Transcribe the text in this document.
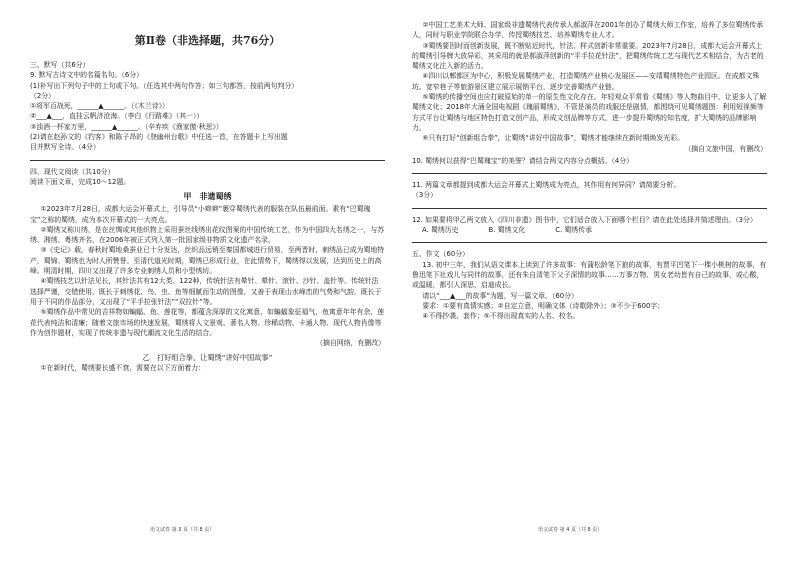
第Ⅱ卷（非选择题，共76分）
三、默写（共6分）
9. 默写古诗文中的名篇名句。（6分）
(1)补写出下列句子中的上句或下句。（任选其中两句作答；如三句都答，按前两句判分）
（2分）
①将军百战死，______▲______。（《木兰诗》）
②___▲___，直挂云帆济沧海。（李白《行路难》（其一））
③浊酒一杯家万里，______▲______。（辛弃疾《渔家傲·秋思》）
(2)请在赵孙文的《钓客》和陈子昂的《登幽州台歌》中任选一首，在答题卡上写出题
目并默写全诗。（4分）
四、现代文阅读（共10分）
阅读下面文章，完成10～12题。
甲　非遗蜀绣
①2023年7月28日，成都大运会开幕式上，引导员“小辫辫”裹穿蜀绣代表的服装在队伍最前面。素有“巴蜀瑰宝”之称的蜀绣，成为本次开幕式的一大亮点。
②蜀绣又称川绣，是在丝绸或其他织物上采用蚕丝线绣出花纹图案的中国传统工艺，作为中国四大名绣之一，与苏绣、湘绣、粤绣齐名，在2006年被正式列入第一批国家级非物质文化遗产名录。
③《史记》载，春秋时蜀地桑蚕业已十分发达，丝织品远销至秦国都城进行贸易，至两晋时，刺绣品已成为蜀地特产，蜀锦、蜀绣也为时人所赞誉。至清代道光时期，蜀绣已形成行业，在此情势下，蜀绣得以发展，达到历史上的高峰。明清时期，四川又出现了许多专业刺绣人员和小型绣坊。
④蜀绣技艺以针法见长，其针法共有12大类、122种，传统针法有晕针、晕针、滚针、沙针、盖针等。传统针法选择严谨，交错使用，既长于刺绣花、鸟、虫、鱼等细腻而生动的图像，又善于表现山水峰峦的气势和气韵，既长于用于不同的作品部分，又出现了“平手拉张针法”“双拉针”等。
⑤蜀绣作品中常见的吉祥物如蝙蝠、鱼、莲花等，都蕴含深厚的文化寓意，如蝙蝠象征福气，鱼寓意年年有余，莲花代表纯洁和清廉；随着文旅市场的快速发展，蜀绣将人文景观、著名人物、珍稀动物、卡通人物、现代人物肖像等作为创作题材，实现了传统非遗与现代潮流文化生活的结合。
（摘自网络，有删改）
乙　打好组合拳，让蜀绣“讲好中国故事”
①在新时代，蜀绣要长盛不衰，需要在以下方面着力：
②中国工艺美术大师、国家级非遗蜀绣代表传承人郝淑萍在2001年创办了蜀绣大师工作室，培养了多位蜀绣传承人，同时与职业学院联合办学，传授蜀绣技艺、培养蜀绣专业人才。
③蜀绣要因时而创新发展，既不断贴近时代，针法、样式创新非常重要。2023年7月28日，成都大运会开幕式上的蜀绣引导牌大放异彩，其采用的就是郝淑萍创新的“平手拉花针法”，把蜀绣传统工艺与现代艺术相结合，为古老的蜀绣文化注入新的活力。
④四川以郫都区为中心，积极发展蜀绣产业，打造蜀绣产业核心发展区——安靖蜀绣特色产业园区。在成都文殊坊、宽窄巷子等旅游景区建立展示展销平台，逐步完善蜀绣产业链。
⑤蜀绣的传播空间也应打破原始的单一的原生性文化存在。年轻观众平常看《蜀绣》等人物曲目中，让更多人了解蜀绣文化；2018年大涌全国电视剧《瑰丽蜀绣》，不管是演员的戏服还是剧情，都围绕可见蜀绣题图：利用短视频等方式平台让蜀绣与地区特色打造文创产品，形成文创品牌等方式，进一步提升蜀绣的知名度，扩大蜀绣的品牌影响力。
⑥只有打好“创新组合拳”，让蜀绣“讲好中国故事”，蜀绣才能继续在新时期焕发光彩。
（摘自文旅中国，有删改）
10. 蜀绣何以获得“巴蜀瑰宝”的美誉？请结合两文内容分点概括。（4分）
11. 两篇文章都提到成都大运会开幕式上蜀绣成为亮点，其作用有何异同？请简要分析。
（3分）
12. 如果要将甲乙两文放入《四川非遗》图书中，它们适合放入下面哪个栏目？请在此处选择并简述理由。（3分）
A. 蜀绣历史	B. 蜀绣文化	C. 蜀绣传承
五、作文（60分）
13. 初中三年，我们从语文课本上读到了许多故事：有蒲松龄笔下狼的故事，有贾平凹笔下一棵小桃树的故事，有鲁迅笔下社戏儿与同伴的故事，还有朱自清笔下父子深情的故事……万事万物、男女老幼皆有自己的故事，或心酸，或温暖，都引人深思，启迪成长。
请以“___▲___的故事”为题，写一篇文章。（60分）
要求：①要有真情实感；②自定立意，明确文体（诗歌除外）；③不少于600字；
④不得抄袭、套作；⑤不得出现真实的人名、校名。
语文试卷 第 3 页（共 8 页）	语文试卷 第 4 页（共 8 页）
